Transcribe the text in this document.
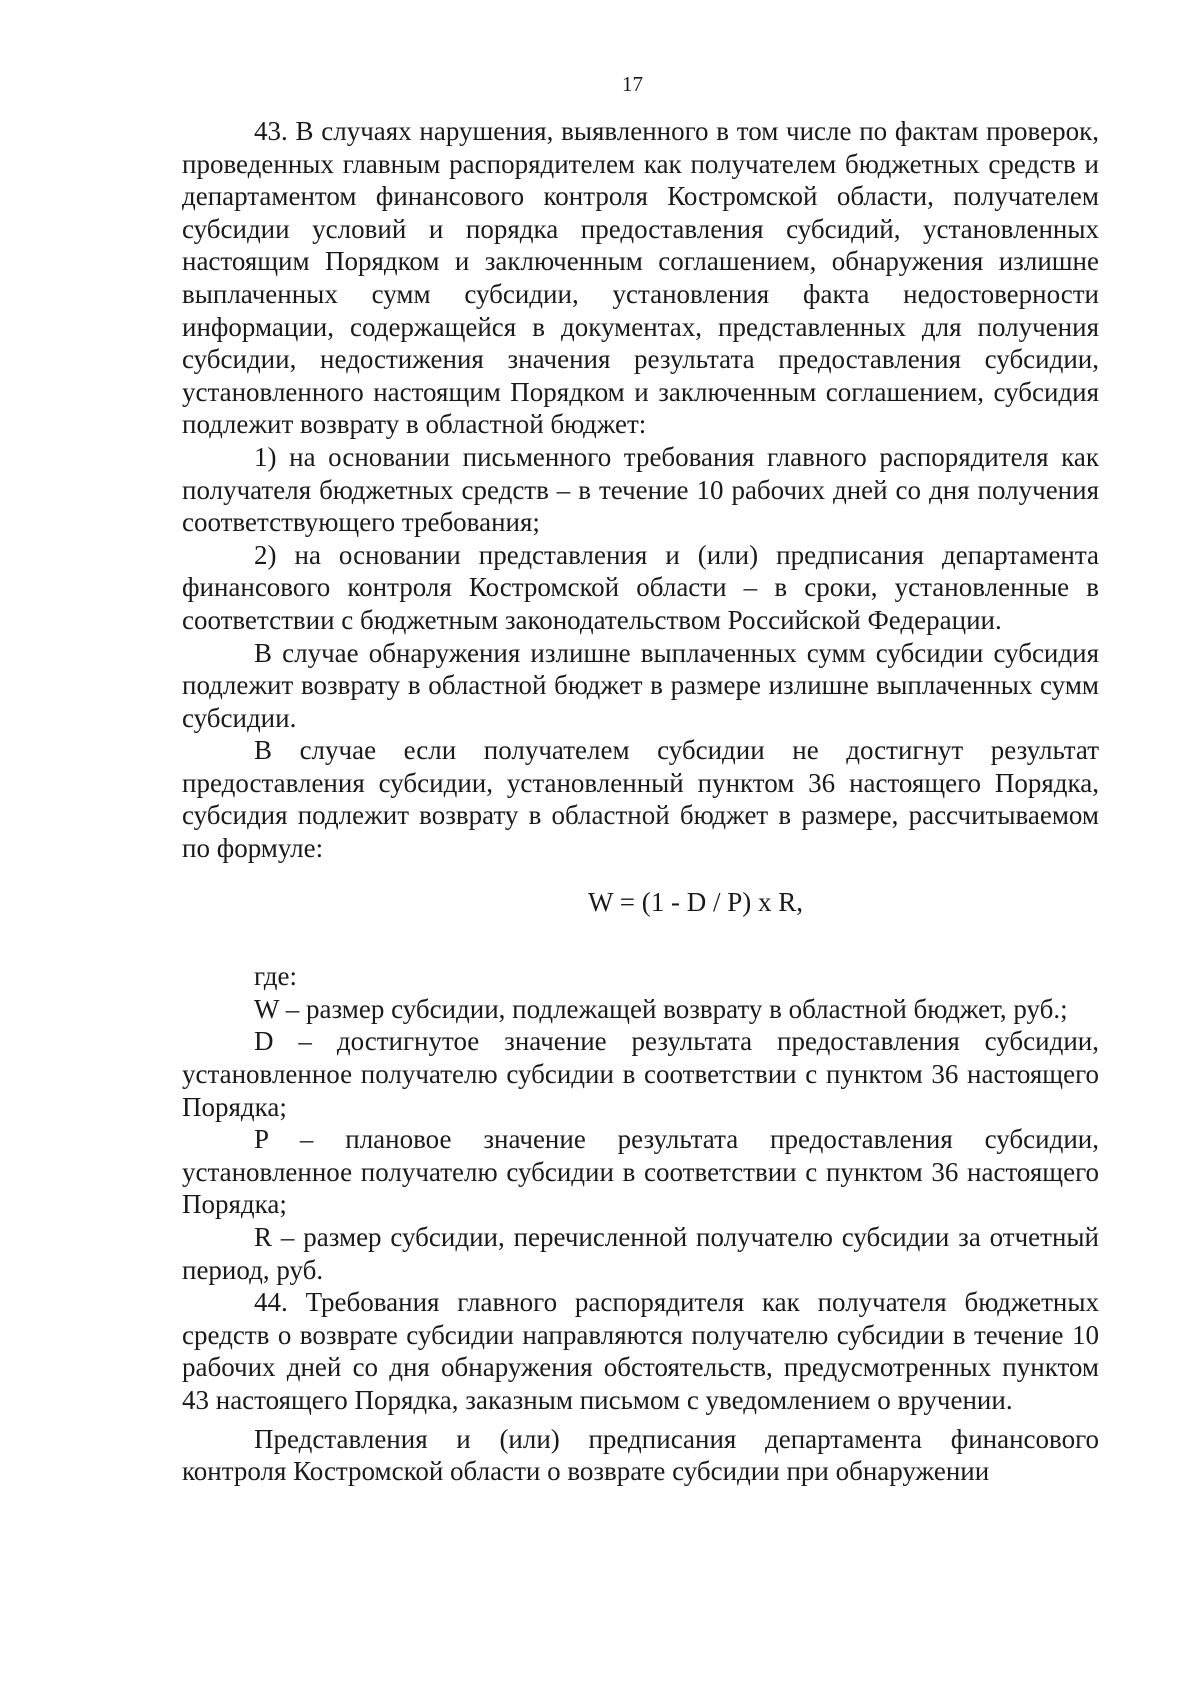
17

43. В случаях нарушения, выявленного в том числе по фактам проверок, проведенных главным распорядителем как получателем бюджетных средств и департаментом финансового контроля Костромской области, получателем субсидии условий и порядка предоставления субсидий, установленных настоящим Порядком и заключенным соглашением, обнаружения излишне выплаченных сумм субсидии, установления факта недостоверности информации, содержащейся в документах, представленных для получения субсидии, недостижения значения результата предоставления субсидии, установленного настоящим Порядком и заключенным соглашением, субсидия подлежит возврату в областной бюджет:

1) на основании письменного требования главного распорядителя как получателя бюджетных средств – в течение 10 рабочих дней со дня получения соответствующего требования;

2) на основании представления и (или) предписания департамента финансового контроля Костромской области – в сроки, установленные в соответствии с бюджетным законодательством Российской Федерации.

В случае обнаружения излишне выплаченных сумм субсидии субсидия подлежит возврату в областной бюджет в размере излишне выплаченных сумм субсидии.

В случае если получателем субсидии не достигнут результат предоставления субсидии, установленный пунктом 36 настоящего Порядка, субсидия подлежит возврату в областной бюджет в размере, рассчитываемом по формуле:

W = (1 - D / P) x R,

где:

W – размер субсидии, подлежащей возврату в областной бюджет, руб.;

D – достигнутое значение результата предоставления субсидии, установленное получателю субсидии в соответствии с пунктом 36 настоящего Порядка;

P – плановое значение результата предоставления субсидии, установленное получателю субсидии в соответствии с пунктом 36 настоящего Порядка;

R – размер субсидии, перечисленной получателю субсидии за отчетный период, руб.

44. Требования главного распорядителя как получателя бюджетных средств о возврате субсидии направляются получателю субсидии в течение 10 рабочих дней со дня обнаружения обстоятельств, предусмотренных пунктом 43 настоящего Порядка, заказным письмом с уведомлением о вручении.

Представления и (или) предписания департамента финансового контроля Костромской области о возврате субсидии при обнаружении
